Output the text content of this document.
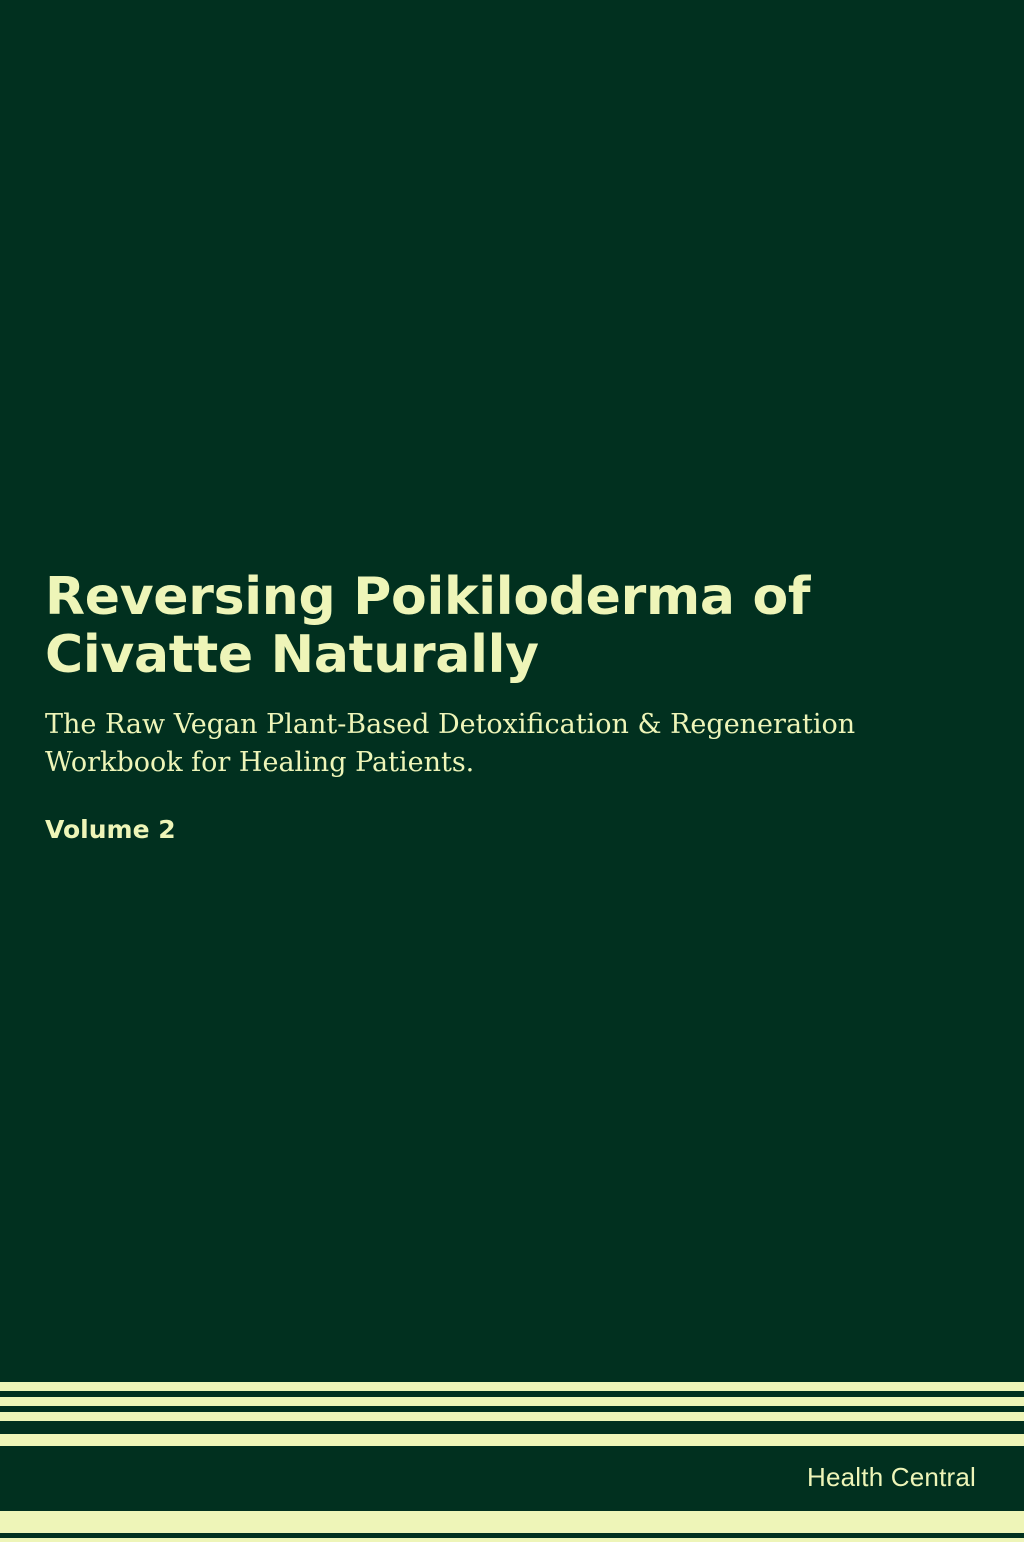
Reversing Poikiloderma of Civatte Naturally

The Raw Vegan Plant-Based Detoxification & Regeneration Workbook for Healing Patients.

Volume 2

Health Central
